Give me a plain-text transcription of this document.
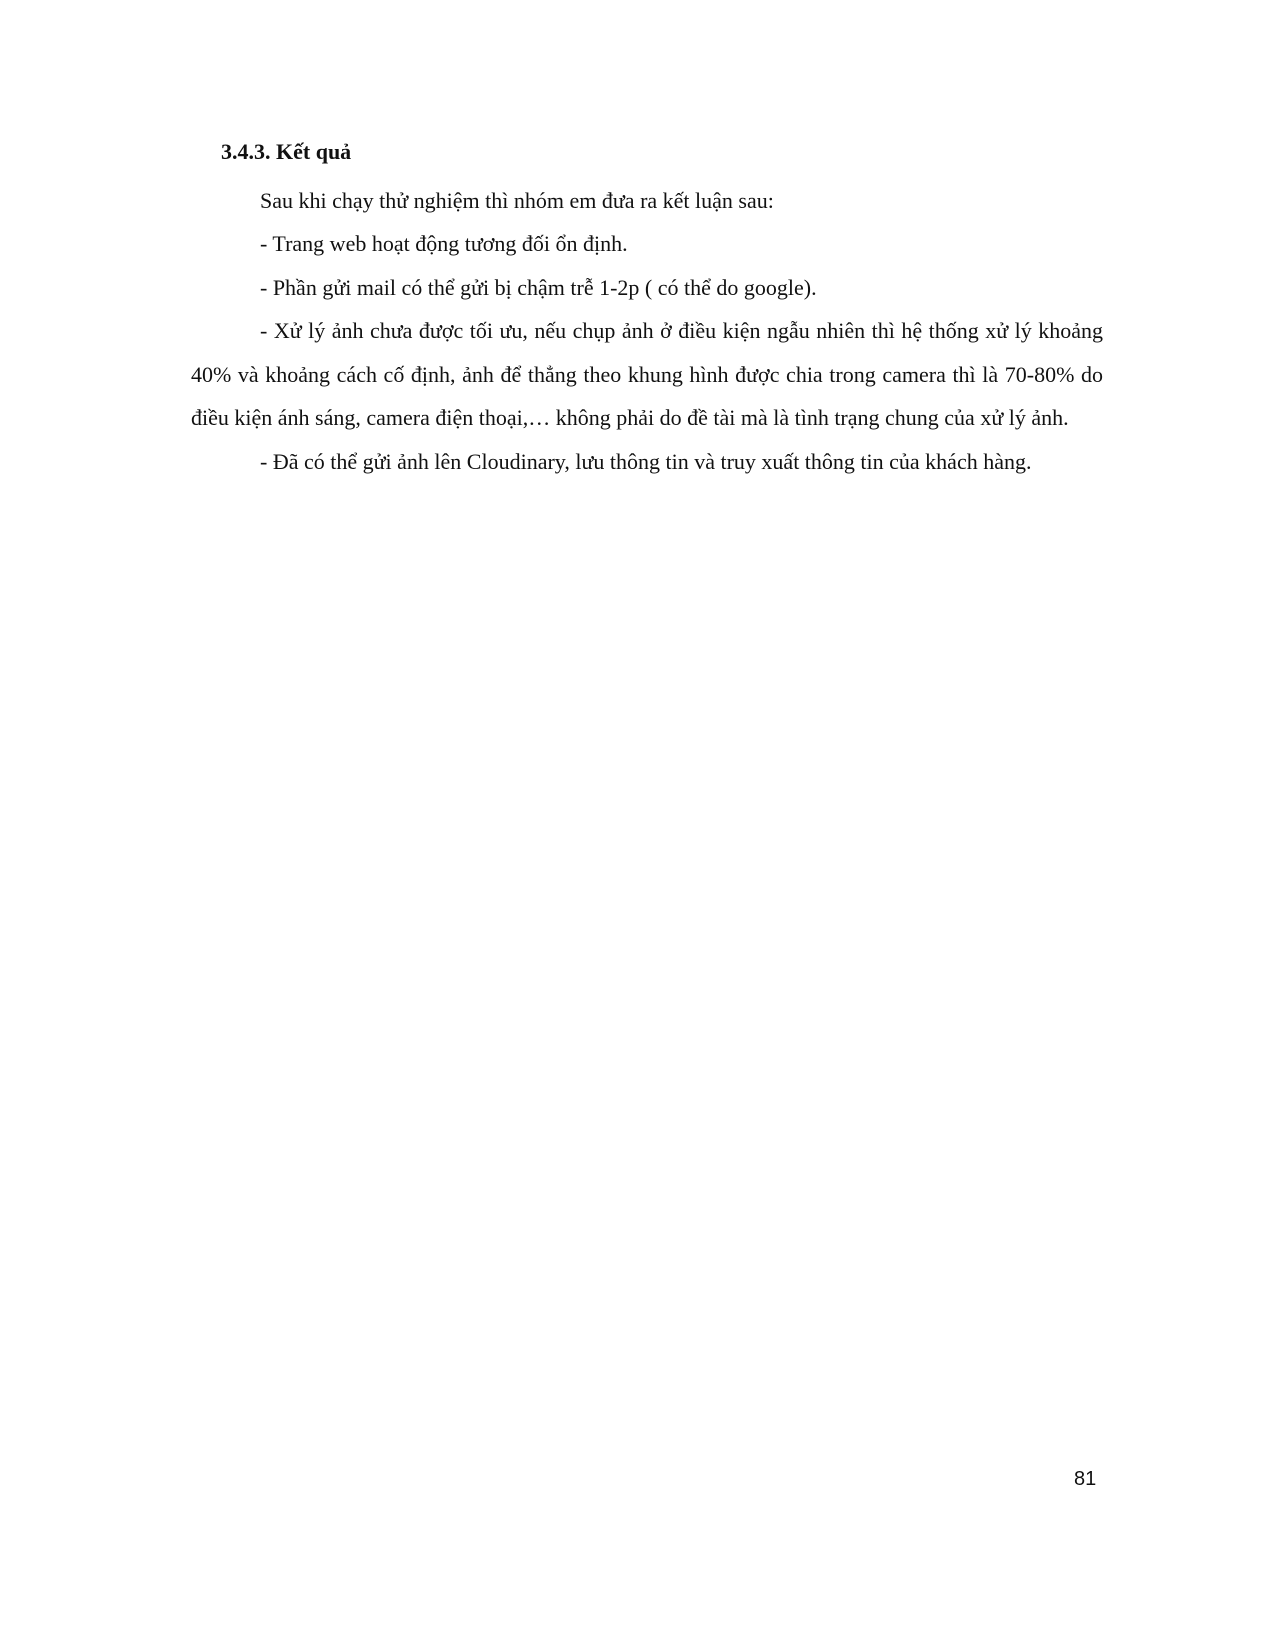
3.4.3. Kết quả

Sau khi chạy thử nghiệm thì nhóm em đưa ra kết luận sau:

- Trang web hoạt động tương đối ổn định.

- Phần gửi mail có thể gửi bị chậm trễ 1-2p ( có thể do google).

- Xử lý ảnh chưa được tối ưu, nếu chụp ảnh ở điều kiện ngẫu nhiên thì hệ thống xử lý khoảng 40% và khoảng cách cố định, ảnh để thẳng theo khung hình được chia trong camera thì là 70-80% do điều kiện ánh sáng, camera điện thoại,… không phải do đề tài mà là tình trạng chung của xử lý ảnh.

- Đã có thể gửi ảnh lên Cloudinary, lưu thông tin và truy xuất thông tin của khách hàng.

81
